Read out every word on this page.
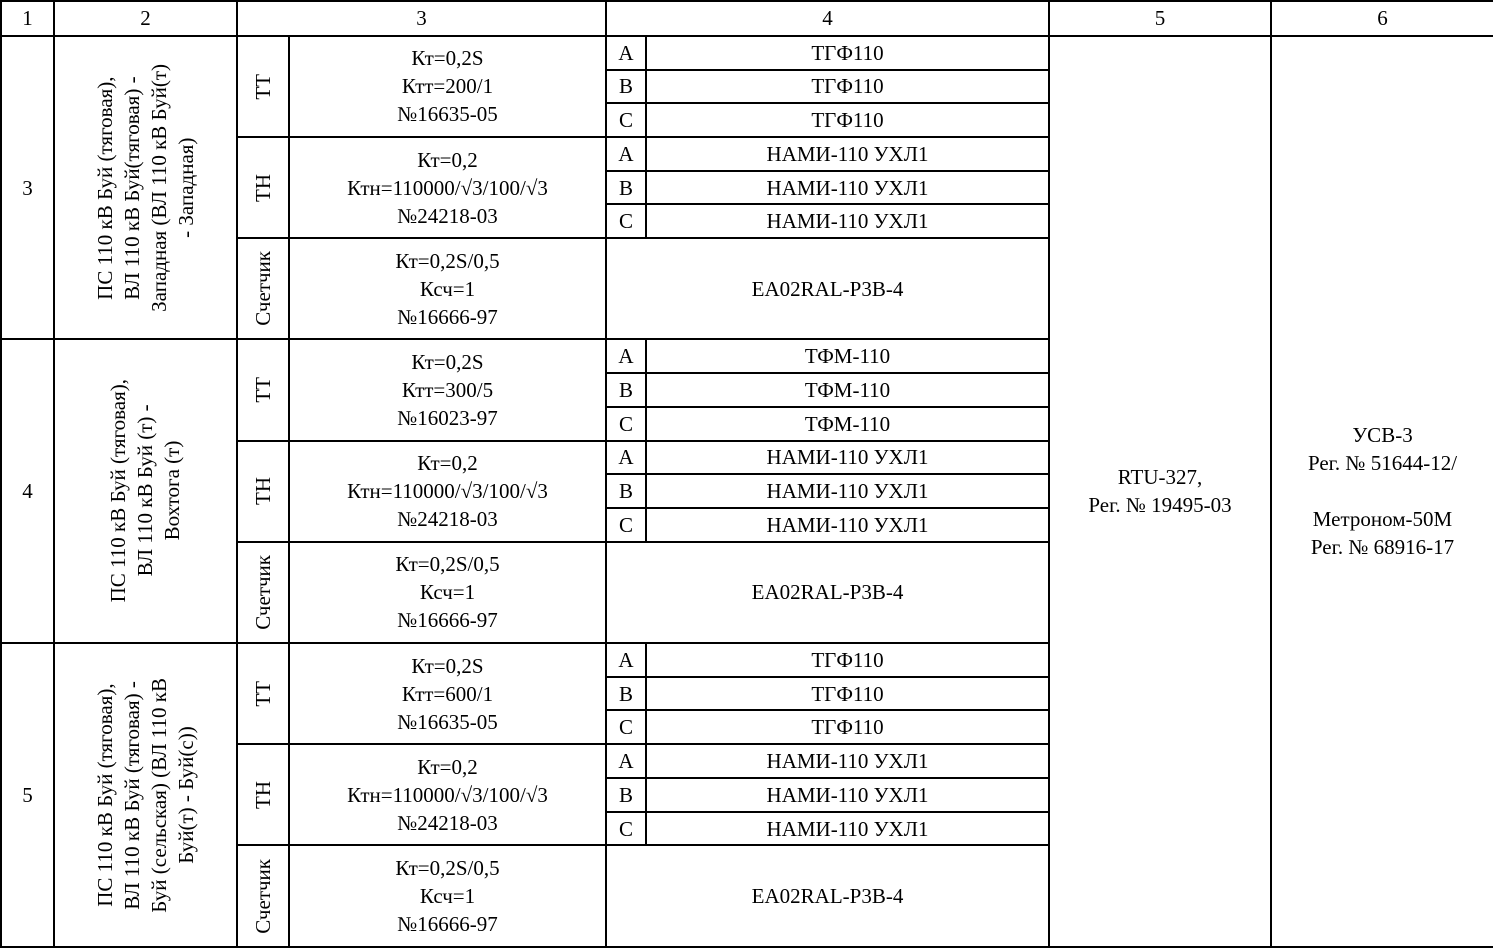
1	2	3		4		5	6
3	ПС 110 кВ Буй (тяговая),
ВЛ 110 кВ Буй(тяговая) -
Западная (ВЛ 110 кВ Буй(т)
- Западная)	ТТ	Кт=0,2S
Ктт=200/1
№16635-05	A	ТГФ110	RTU-327,
Рег. № 19495-03	УСВ-3
Рег. № 51644-12/

Метроном-50М
Рег. № 68916-17
				B	ТГФ110		
				C	ТГФ110		

		ТН	Кт=0,2
Ктн=110000/√3/100/√3
№24218-03	A	НАМИ-110 УХЛ1		
				B	НАМИ-110 УХЛ1		
				C	НАМИ-110 УХЛ1		

		Счетчик	Кт=0,2S/0,5
Ксч=1
№16666-97	EA02RAL-P3B-4			

4	ПС 110 кВ Буй (тяговая),
ВЛ 110 кВ Буй (т) -
Вохтога (т)	ТТ	Кт=0,2S
Ктт=300/5
№16023-97	A	ТФМ-110		
				B	ТФМ-110		
				C	ТФМ-110		

		ТН	Кт=0,2
Ктн=110000/√3/100/√3
№24218-03	A	НАМИ-110 УХЛ1		
				B	НАМИ-110 УХЛ1		
				C	НАМИ-110 УХЛ1		

		Счетчик	Кт=0,2S/0,5
Ксч=1
№16666-97	EA02RAL-P3B-4			

5	ПС 110 кВ Буй (тяговая),
ВЛ 110 кВ Буй (тяговая) -
Буй (сельская) (ВЛ 110 кВ
Буй(т) - Буй(с))	ТТ	Кт=0,2S
Ктт=600/1
№16635-05	A	ТГФ110		
				B	ТГФ110		
				C	ТГФ110		

		ТН	Кт=0,2
Ктн=110000/√3/100/√3
№24218-03	A	НАМИ-110 УХЛ1		
				B	НАМИ-110 УХЛ1		
				C	НАМИ-110 УХЛ1		

		Счетчик	Кт=0,2S/0,5
Ксч=1
№16666-97	EA02RAL-P3B-4			
